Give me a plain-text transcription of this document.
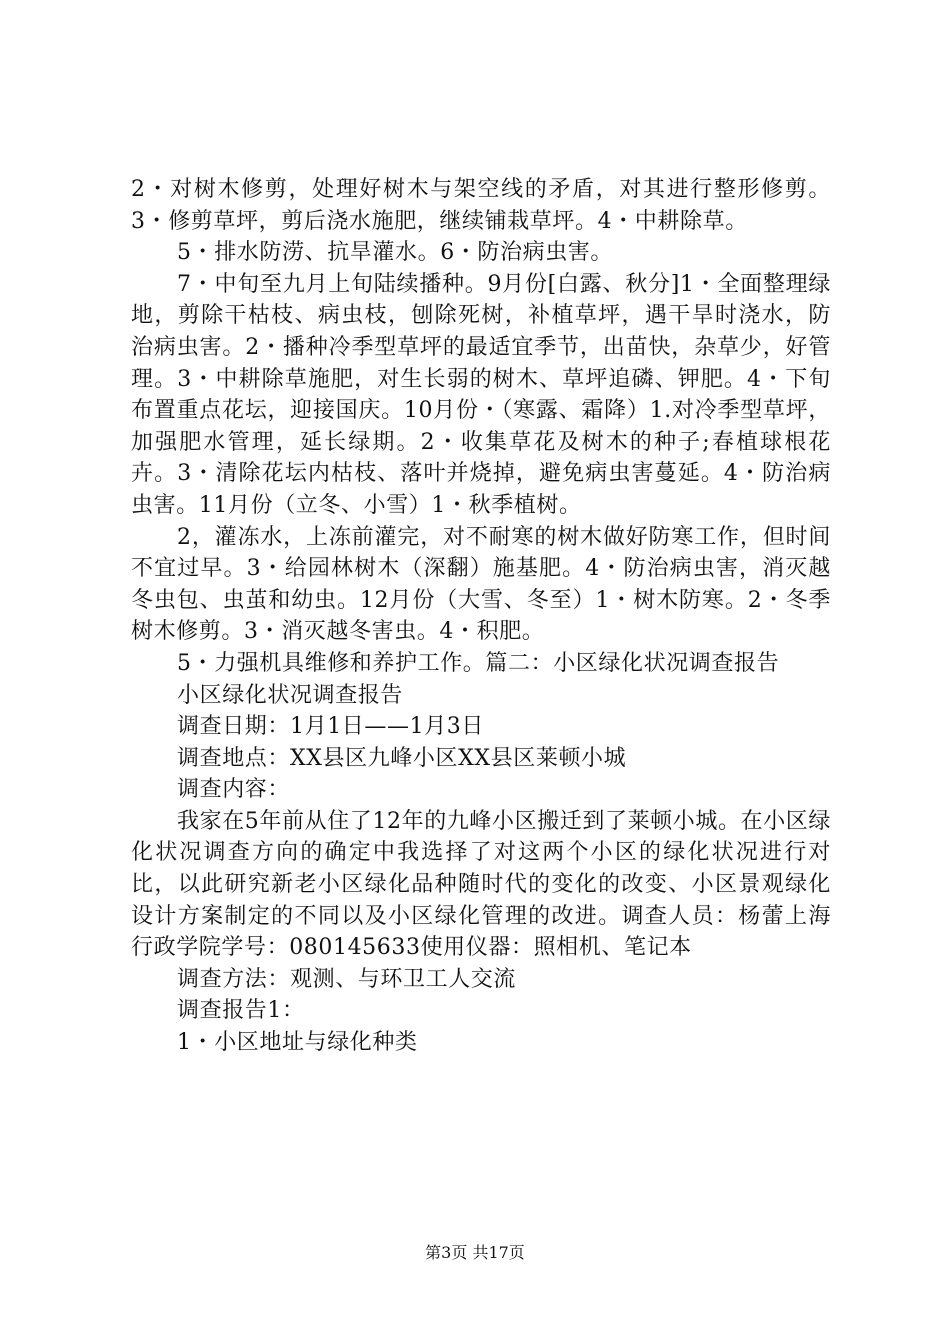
2・对树木修剪，处理好树木与架空线的矛盾，对其进行整形修剪。3・修剪草坪，剪后浇水施肥，继续铺栽草坪。4・中耕除草。

5・排水防涝、抗旱灌水。6・防治病虫害。

7・中旬至九月上旬陆续播种。9月份[白露、秋分]1・全面整理绿地，剪除干枯枝、病虫枝，刨除死树，补植草坪，遇干旱时浇水，防治病虫害。2・播种冷季型草坪的最适宜季节，出苗快，杂草少，好管理。3・中耕除草施肥，对生长弱的树木、草坪追磷、钾肥。4・下旬布置重点花坛，迎接国庆。10月份・（寒露、霜降）1.对冷季型草坪，加强肥水管理，延长绿期。2・收集草花及树木的种子;春植球根花卉。3・清除花坛内枯枝、落叶并烧掉，避免病虫害蔓延。4・防治病虫害。11月份（立冬、小雪）1・秋季植树。

2，灌冻水，上冻前灌完，对不耐寒的树木做好防寒工作，但时间不宜过早。3・给园林树木（深翻）施基肥。4・防治病虫害，消灭越冬虫包、虫茧和幼虫。12月份（大雪、冬至）1・树木防寒。2・冬季树木修剪。3・消灭越冬害虫。4・积肥。

5・力强机具维修和养护工作。篇二：小区绿化状况调查报告

小区绿化状况调查报告

调查日期：1月1日——1月3日

调查地点：XX县区九峰小区XX县区莱顿小城

调查内容：

我家在5年前从住了12年的九峰小区搬迁到了莱顿小城。在小区绿化状况调查方向的确定中我选择了对这两个小区的绿化状况进行对比，以此研究新老小区绿化品种随时代的变化的改变、小区景观绿化设计方案制定的不同以及小区绿化管理的改进。调查人员：杨蕾上海行政学院学号：080145633使用仪器：照相机、笔记本

调查方法：观测、与环卫工人交流

调查报告1：

1・小区地址与绿化种类

第3页 共17页
